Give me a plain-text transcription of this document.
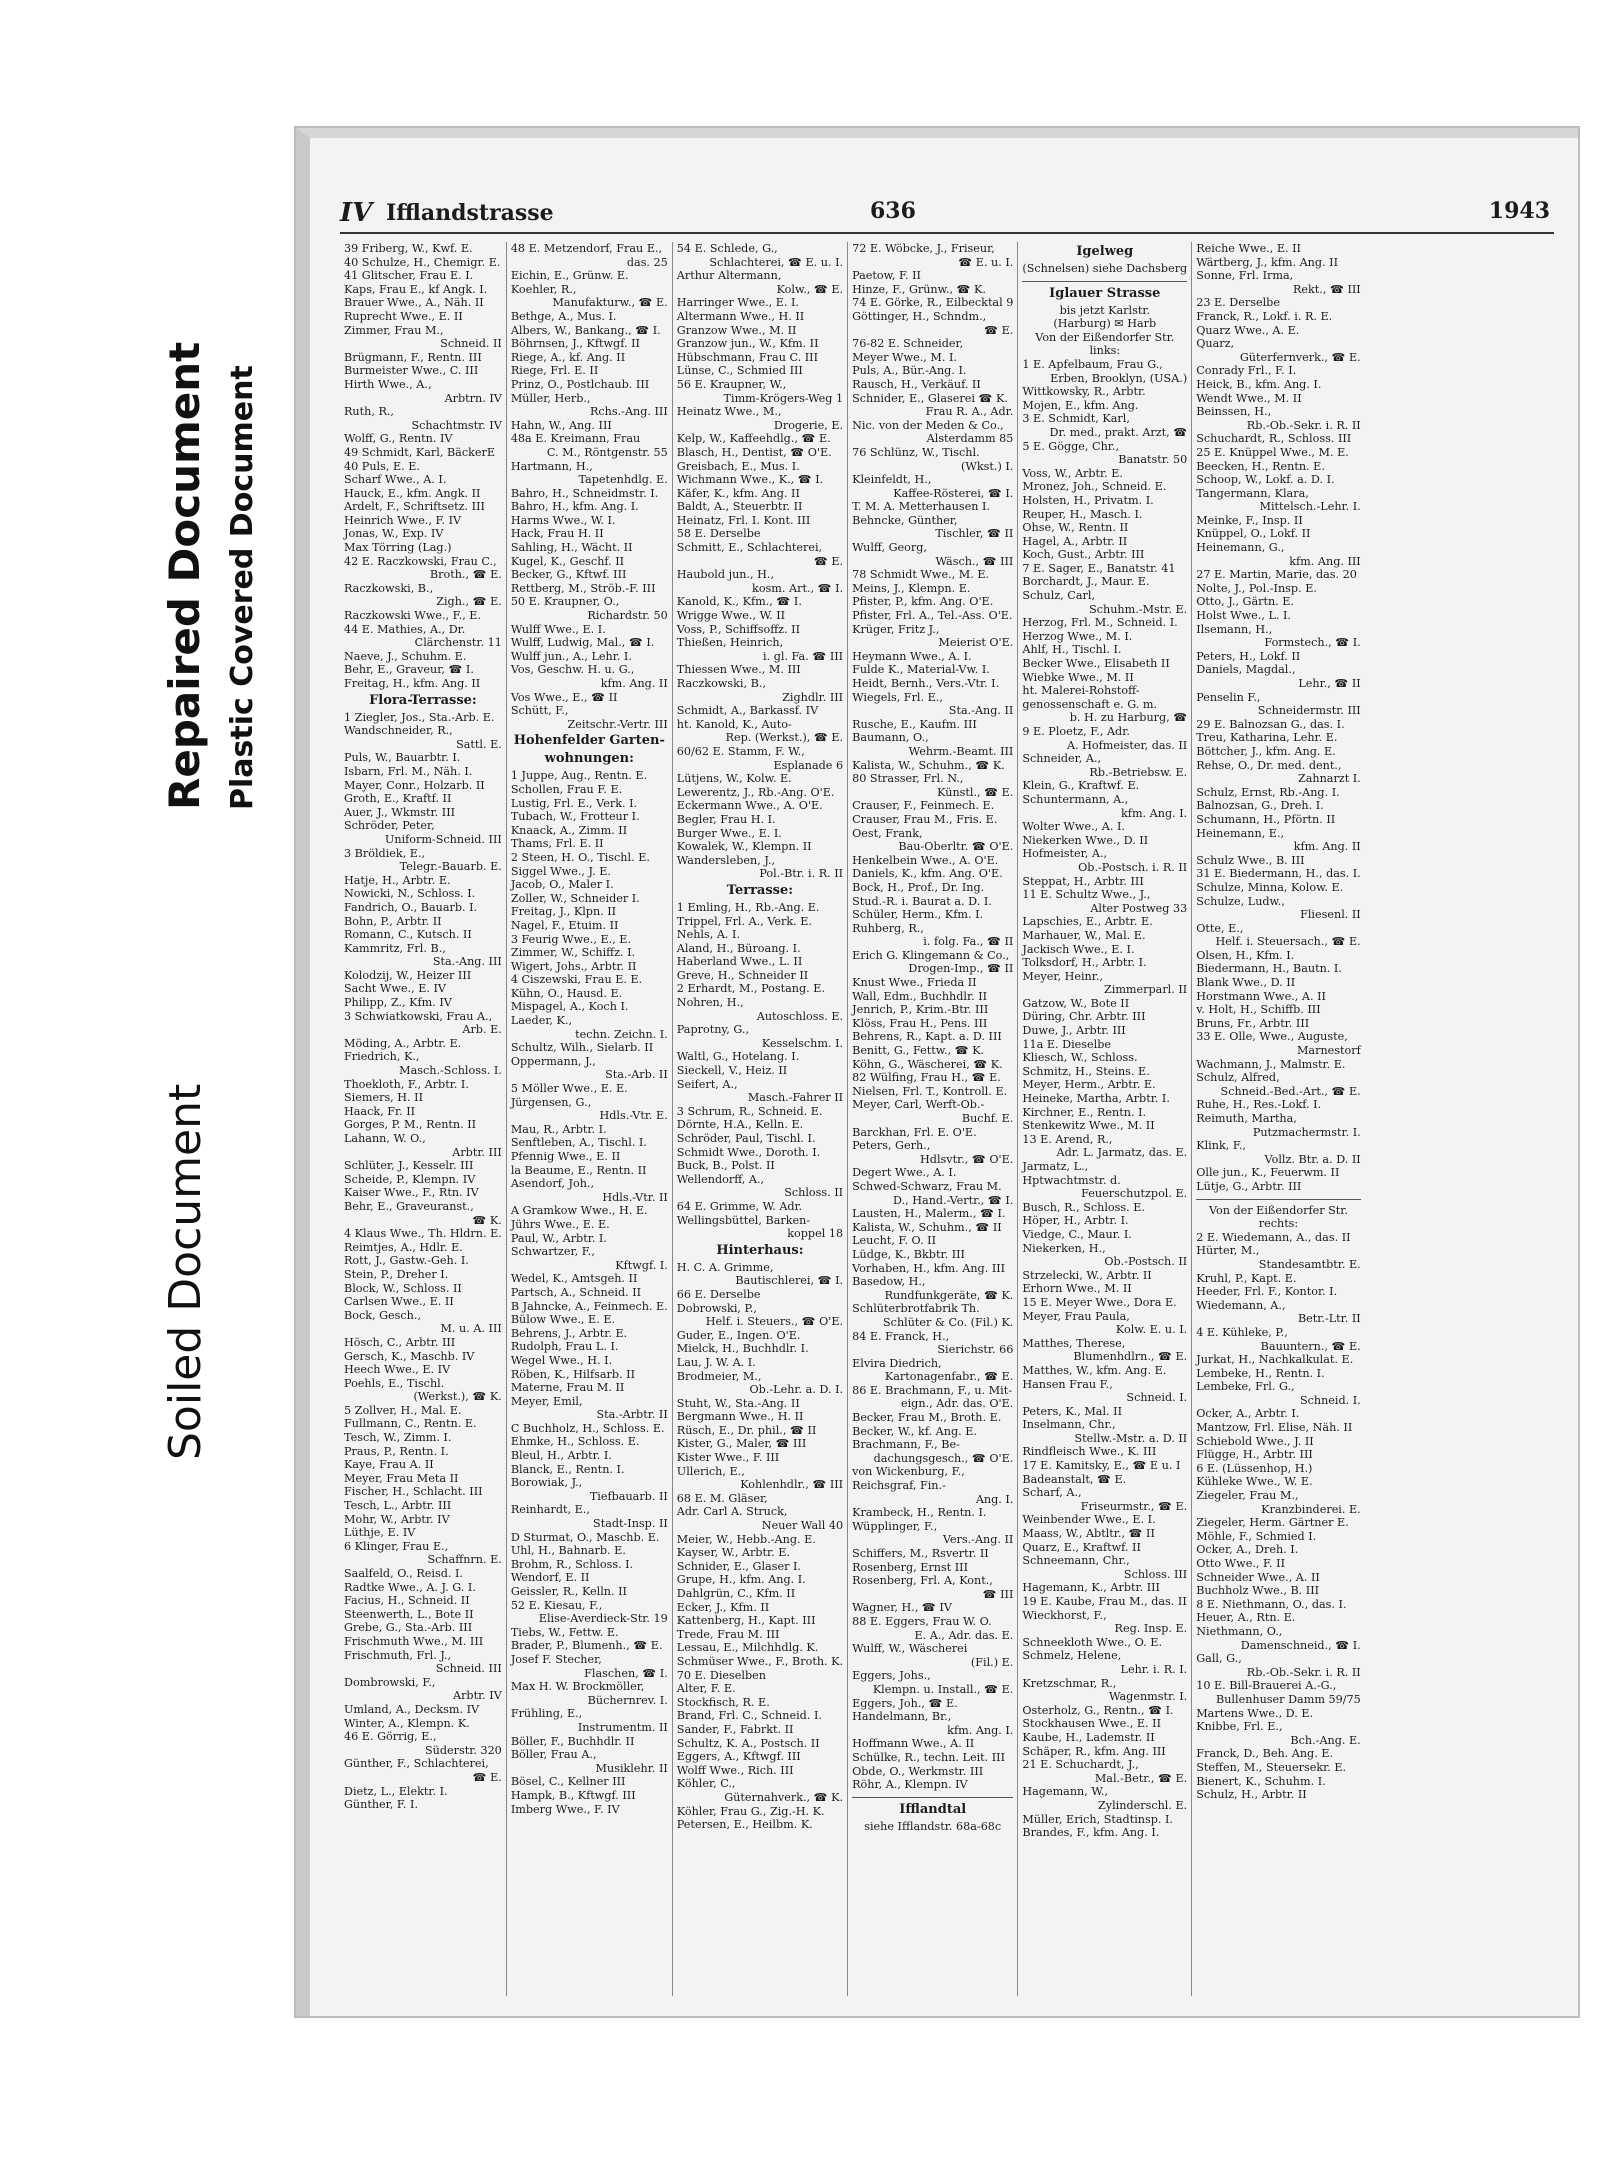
Repaired Document Plastic Covered Document
Soiled Document
IV Ifflandstrasse	636	1943
39 Friberg, W., Kwf. E.
40 Schulze, H., Chemigr. E.
41 Glitscher, Frau E. I.
Kaps, Frau E., kf Angk. I.
Brauer Wwe., A., Näh. II
Ruprecht Wwe., E. II
Zimmer, Frau M.,
Schneid. II
Brügmann, F., Rentn. III
Burmeister Wwe., C. III
Hirth Wwe., A.,
Arbtrn. IV
Ruth, R.,
Schachtmstr. IV
Wolff, G., Rentn. IV
49 Schmidt, Karl, BäckerE
40 Puls, E. E.
Scharf Wwe., A. I.
Hauck, E., kfm. Angk. II
Ardelt, F., Schriftsetz. III
Heinrich Wwe., F. IV
Jonas, W., Exp. IV
Max Törring (Lag.)
42 E. Raczkowski, Frau C.,
Broth., ☎ E.
Raczkowski, B.,
Zigh., ☎ E.
Raczkowski Wwe., F., E.
44 E. Mathies, A., Dr.
Clärchenstr. 11
Naeve, J., Schuhm. E.
Behr, E., Graveur, ☎ I.
Freitag, H., kfm. Ang. II
Flora-Terrasse:
1 Ziegler, Jos., Sta.-Arb. E.
Wandschneider, R.,
Sattl. E.
Puls, W., Bauarbtr. I.
Isbarn, Frl. M., Näh. I.
Mayer, Conr., Holzarb. II
Groth, E., Kraftf. II
Auer, J., Wkmstr. III
Schröder, Peter,
Uniform-Schneid. III
3 Bröldiek, E.,
Telegr.-Bauarb. E.
Hatje, H., Arbtr. E.
Nowicki, N., Schloss. I.
Fandrich, O., Bauarb. I.
Bohn, P., Arbtr. II
Romann, C., Kutsch. II
Kammritz, Frl. B.,
Sta.-Ang. III
Kolodzij, W., Heizer III
Sacht Wwe., E. IV
Philipp, Z., Kfm. IV
3 Schwiatkowski, Frau A.,
Arb. E.
Möding, A., Arbtr. E.
Friedrich, K.,
Masch.-Schloss. I.
Thoekloth, F., Arbtr. I.
Siemers, H. II
Haack, Fr. II
Gorges, P. M., Rentn. II
Lahann, W. O.,
Arbtr. III
Schlüter, J., Kesselr. III
Scheide, P., Klempn. IV
Kaiser Wwe., F., Rtn. IV
Behr, E., Graveuranst.,
☎ K.
4 Klaus Wwe., Th. Hldrn. E.
Reimtjes, A., Hdlr. E.
Rott, J., Gastw.-Geh. I.
Stein, P., Dreher I.
Block, W., Schloss. II
Carlsen Wwe., E. II
Bock, Gesch.,
M. u. A. III
Hösch, C., Arbtr. III
Gersch, K., Maschb. IV
Heech Wwe., E. IV
Poehls, E., Tischl.
(Werkst.), ☎ K.
5 Zollver, H., Mal. E.
Fullmann, C., Rentn. E.
Tesch, W., Zimm. I.
Praus, P., Rentn. I.
Kaye, Frau A. II
Meyer, Frau Meta II
Fischer, H., Schlacht. III
Tesch, L., Arbtr. III
Mohr, W., Arbtr. IV
Lüthje, E. IV
6 Klinger, Frau E.,
Schaffnrn. E.
Saalfeld, O., Reisd. I.
Radtke Wwe., A. J. G. I.
Facius, H., Schneid. II
Steenwerth, L., Bote II
Grebe, G., Sta.-Arb. III
Frischmuth Wwe., M. III
Frischmuth, Frl. J.,
Schneid. III
Dombrowski, F.,
Arbtr. IV
Umland, A., Decksm. IV
Winter, A., Klempn. K.
46 E. Görrig, E.,
Süderstr. 320
Günther, F., Schlachterei,
☎ E.
Dietz, L., Elektr. I.
Günther, F. I.
48 E. Metzendorf, Frau E.,
das. 25
Eichin, E., Grünw. E.
Koehler, R.,
Manufakturw., ☎ E.
Bethge, A., Mus. I.
Albers, W., Bankang., ☎ I.
Böhrnsen, J., Kftwgf. II
Riege, A., kf. Ang. II
Riege, Frl. E. II
Prinz, O., Postlchaub. III
Müller, Herb.,
Rchs.-Ang. III
Hahn, W., Ang. III
48a E. Kreimann, Frau
C. M., Röntgenstr. 55
Hartmann, H.,
Tapetenhdlg. E.
Bahro, H., Schneidmstr. I.
Bahro, H., kfm. Ang. I.
Harms Wwe., W. I.
Hack, Frau H. II
Sahling, H., Wächt. II
Kugel, K., Geschf. II
Becker, G., Kftwf. III
Rettberg, M., Ströb.-F. III
50 E. Kraupner, O.,
Richardstr. 50
Wulff Wwe., E. I.
Wulff, Ludwig, Mal., ☎ I.
Wulff jun., A., Lehr. I.
Vos, Geschw. H. u. G.,
kfm. Ang. II
Vos Wwe., E., ☎ II
Schütt, F.,
Zeitschr.-Vertr. III
Hohenfelder Garten-
wohnungen:
1 Juppe, Aug., Rentn. E.
Schollen, Frau F. E.
Lustig, Frl. E., Verk. I.
Tubach, W., Frotteur I.
Knaack, A., Zimm. II
Thams, Frl. E. II
2 Steen, H. O., Tischl. E.
Siggel Wwe., J. E.
Jacob, O., Maler I.
Zoller, W., Schneider I.
Freitag, J., Klpn. II
Nagel, F., Etuim. II
3 Feurig Wwe., E., E.
Zimmer, W., Schiffz. I.
Wigert, Johs., Arbtr. II
4 Ciszewski, Frau E. E.
Kühn, O., Hausd. E.
Mispagel, A., Koch I.
Laeder, K.,
techn. Zeichn. I.
Schultz, Wilh., Sielarb. II
Oppermann, J.,
Sta.-Arb. II
5 Möller Wwe., E. E.
Jürgensen, G.,
Hdls.-Vtr. E.
Mau, R., Arbtr. I.
Senftleben, A., Tischl. I.
Pfennig Wwe., E. II
la Beaume, E., Rentn. II
Asendorf, Joh.,
Hdls.-Vtr. II
A Gramkow Wwe., H. E.
Jührs Wwe., E. E.
Paul, W., Arbtr. I.
Schwartzer, F.,
Kftwgf. I.
Wedel, K., Amtsgeh. II
Partsch, A., Schneid. II
B Jahncke, A., Feinmech. E.
Bülow Wwe., E. E.
Behrens, J., Arbtr. E.
Rudolph, Frau L. I.
Wegel Wwe., H. I.
Röben, K., Hilfsarb. II
Materne, Frau M. II
Meyer, Emil,
Sta.-Arbtr. II
C Buchholz, H., Schloss. E.
Ehmke, H., Schloss. E.
Bleul, H., Arbtr. I.
Blanck, E., Rentn. I.
Borowiak, J.,
Tiefbauarb. II
Reinhardt, E.,
Stadt-Insp. II
D Sturmat, O., Maschb. E.
Uhl, H., Bahnarb. E.
Brohm, R., Schloss. I.
Wendorf, E. II
Geissler, R., Kelln. II
52 E. Kiesau, F.,
Elise-Averdieck-Str. 19
Tiebs, W., Fettw. E.
Brader, P., Blumenh., ☎ E.
Josef F. Stecher,
Flaschen, ☎ I.
Max H. W. Brockmöller,
Büchernrev. I.
Frühling, E.,
Instrumentm. II
Böller, F., Buchhdlr. II
Böller, Frau A.,
Musiklehr. II
Bösel, C., Kellner III
Hampk, B., Kftwgf. III
Imberg Wwe., F. IV
54 E. Schlede, G.,
Schlachterei, ☎ E. u. I.
Arthur Altermann,
Kolw., ☎ E.
Harringer Wwe., E. I.
Altermann Wwe., H. II
Granzow Wwe., M. II
Granzow jun., W., Kfm. II
Hübschmann, Frau C. III
Lünse, C., Schmied III
56 E. Kraupner, W.,
Timm-Krögers-Weg 1
Heinatz Wwe., M.,
Drogerie, E.
Kelp, W., Kaffeehdlg., ☎ E.
Blasch, H., Dentist, ☎ O'E.
Greisbach, E., Mus. I.
Wichmann Wwe., K., ☎ I.
Käfer, K., kfm. Ang. II
Baldt, A., Steuerbtr. II
Heinatz, Frl. I. Kont. III
58 E. Derselbe
Schmitt, E., Schlachterei,
☎ E.
Haubold jun., H.,
kosm. Art., ☎ I.
Kanold, K., Kfm., ☎ I.
Wrigge Wwe., W. II
Voss, P., Schiffsoffz. II
Thießen, Heinrich,
i. gl. Fa. ☎ III
Thiessen Wwe., M. III
Raczkowski, B.,
Zighdlr. III
Schmidt, A., Barkassf. IV
ht. Kanold, K., Auto-
Rep. (Werkst.), ☎ E.
60/62 E. Stamm, F. W.,
Esplanade 6
Lütjens, W., Kolw. E.
Lewerentz, J., Rb.-Ang. O'E.
Eckermann Wwe., A. O'E.
Begler, Frau H. I.
Burger Wwe., E. I.
Kowalek, W., Klempn. II
Wandersleben, J.,
Pol.-Btr. i. R. II
Terrasse:
1 Emling, H., Rb.-Ang. E.
Trippel, Frl. A., Verk. E.
Nehls, A. I.
Aland, H., Büroang. I.
Haberland Wwe., L. II
Greve, H., Schneider II
2 Erhardt, M., Postang. E.
Nohren, H.,
Autoschloss. E.
Paprotny, G.,
Kesselschm. I.
Waltl, G., Hotelang. I.
Sieckell, V., Heiz. II
Seifert, A.,
Masch.-Fahrer II
3 Schrum, R., Schneid. E.
Dörnte, H.A., Kelln. E.
Schröder, Paul, Tischl. I.
Schmidt Wwe., Doroth. I.
Buck, B., Polst. II
Wellendorff, A.,
Schloss. II
64 E. Grimme, W. Adr.
Wellingsbüttel, Barken-
koppel 18
Hinterhaus:
H. C. A. Grimme,
Bautischlerei, ☎ I.
66 E. Derselbe
Dobrowski, P.,
Helf. i. Steuers., ☎ O'E.
Guder, E., Ingen. O'E.
Mielck, H., Buchhdlr. I.
Lau, J. W. A. I.
Brodmeier, M.,
Ob.-Lehr. a. D. I.
Stuht, W., Sta.-Ang. II
Bergmann Wwe., H. II
Rüsch, E., Dr. phil., ☎ II
Kister, G., Maler, ☎ III
Kister Wwe., F. III
Ullerich, E.,
Kohlenhdlr., ☎ III
68 E. M. Gläser,
Adr. Carl A. Struck,
Neuer Wall 40
Meier, W., Hebb.-Ang. E.
Kayser, W., Arbtr. E.
Schnider, E., Glaser I.
Grupe, H., kfm. Ang. I.
Dahlgrün, C., Kfm. II
Ecker, J., Kfm. II
Kattenberg, H., Kapt. III
Trede, Frau M. III
Lessau, E., Milchhdlg. K.
Schmüser Wwe., F., Broth. K.
70 E. Dieselben
Alter, F. E.
Stockfisch, R. E.
Brand, Frl. C., Schneid. I.
Sander, F., Fabrkt. II
Schultz, K. A., Postsch. II
Eggers, A., Kftwgf. III
Wolff Wwe., Rich. III
Köhler, C.,
Güternahverk., ☎ K.
Köhler, Frau G., Zig.-H. K.
Petersen, E., Heilbm. K.
72 E. Wöbcke, J., Friseur,
☎ E. u. I.
Paetow, F. II
Hinze, F., Grünw., ☎ K.
74 E. Görke, R., Eilbecktal 9
Göttinger, H., Schndm.,
☎ E.
76-82 E. Schneider,
Meyer Wwe., M. I.
Puls, A., Bür.-Ang. I.
Rausch, H., Verkäuf. II
Schnider, E., Glaserei ☎ K.
Frau R. A., Adr.
Nic. von der Meden & Co.,
Alsterdamm 85
76 Schlünz, W., Tischl.
(Wkst.) I.
Kleinfeldt, H.,
Kaffee-Rösterei, ☎ I.
T. M. A. Metterhausen I.
Behncke, Günther,
Tischler, ☎ II
Wulff, Georg,
Wäsch., ☎ III
78 Schmidt Wwe., M. E.
Meins, J., Klempn. E.
Pfister, P., kfm. Ang. O'E.
Pfister, Frl. A., Tel.-Ass. O'E.
Krüger, Fritz J.,
Meierist O'E.
Heymann Wwe., A. I.
Fulde K., Material-Vw. I.
Heidt, Bernh., Vers.-Vtr. I.
Wiegels, Frl. E.,
Sta.-Ang. II
Rusche, E., Kaufm. III
Baumann, O.,
Wehrm.-Beamt. III
Kalista, W., Schuhm., ☎ K.
80 Strasser, Frl. N.,
Künstl., ☎ E.
Crauser, F., Feinmech. E.
Crauser, Frau M., Fris. E.
Oest, Frank,
Bau-Oberltr. ☎ O'E.
Henkelbein Wwe., A. O'E.
Daniels, K., kfm. Ang. O'E.
Bock, H., Prof., Dr. Ing.
Stud.-R. i. Baurat a. D. I.
Schüler, Herm., Kfm. I.
Ruhberg, R.,
i. folg. Fa., ☎ II
Erich G. Klingemann & Co.,
Drogen-Imp., ☎ II
Knust Wwe., Frieda II
Wall, Edm., Buchhdlr. II
Jenrich, P., Krim.-Btr. III
Klöss, Frau H., Pens. III
Behrens, R., Kapt. a. D. III
Benitt, G., Fettw., ☎ K.
Köhn, G., Wäscherei, ☎ K.
82 Wülfing, Frau H., ☎ E.
Nielsen, Frl. T., Kontroll. E.
Meyer, Carl, Werft-Ob.-
Buchf. E.
Barckhan, Frl. E. O'E.
Peters, Gerh.,
Hdlsvtr., ☎ O'E.
Degert Wwe., A. I.
Schwed-Schwarz, Frau M.
D., Hand.-Vertr., ☎ I.
Lausten, H., Malerm., ☎ I.
Kalista, W., Schuhm., ☎ II
Leucht, F. O. II
Lüdge, K., Bkbtr. III
Vorhaben, H., kfm. Ang. III
Basedow, H.,
Rundfunkgeräte, ☎ K.
Schlüterbrotfabrik Th.
Schlüter & Co. (Fil.) K.
84 E. Franck, H.,
Sierichstr. 66
Elvira Diedrich,
Kartonagenfabr., ☎ E.
86 E. Brachmann, F., u. Mit-
eign., Adr. das. O'E.
Becker, Frau M., Broth. E.
Becker, W., kf. Ang. E.
Brachmann, F., Be-
dachungsgesch., ☎ O'E.
von Wickenburg, F.,
Reichsgraf, Fin.-
Ang. I.
Krambeck, H., Rentn. I.
Wüpplinger, F.,
Vers.-Ang. II
Schiffers, M., Rsvertr. II
Rosenberg, Ernst III
Rosenberg, Frl. A, Kont.,
☎ III
Wagner, H., ☎ IV
88 E. Eggers, Frau W. O.
E. A., Adr. das. E.
Wulff, W., Wäscherei
(Fil.) E.
Eggers, Johs.,
Klempn. u. Install., ☎ E.
Eggers, Joh., ☎ E.
Handelmann, Br.,
kfm. Ang. I.
Hoffmann Wwe., A. II
Schülke, R., techn. Leit. III
Obde, O., Werkmstr. III
Röhr, A., Klempn. IV
Ifflandtal
siehe Ifflandstr. 68a-68c
Igelweg
(Schnelsen) siehe Dachsberg
Iglauer Strasse
bis jetzt Karlstr.
(Harburg) ✉ Harb
Von der Eißendorfer Str.
links:
1 E. Apfelbaum, Frau G.,
Erben, Brooklyn, (USA.)
Wittkowsky, R., Arbtr.
Mojen, E., kfm. Ang.
3 E. Schmidt, Karl,
Dr. med., prakt. Arzt, ☎
5 E. Gögge, Chr.,
Banatstr. 50
Voss, W., Arbtr. E.
Mronez, Joh., Schneid. E.
Holsten, H., Privatm. I.
Reuper, H., Masch. I.
Ohse, W., Rentn. II
Hagel, A., Arbtr. II
Koch, Gust., Arbtr. III
7 E. Sager, E., Banatstr. 41
Borchardt, J., Maur. E.
Schulz, Carl,
Schuhm.-Mstr. E.
Herzog, Frl. M., Schneid. I.
Herzog Wwe., M. I.
Ahlf, H., Tischl. I.
Becker Wwe., Elisabeth II
Wiebke Wwe., M. II
ht. Malerei-Rohstoff-
genossenschaft e. G. m.
b. H. zu Harburg, ☎
9 E. Ploetz, F., Adr.
A. Hofmeister, das. II
Schneider, A.,
Rb.-Betriebsw. E.
Klein, G., Kraftwf. E.
Schuntermann, A.,
kfm. Ang. I.
Wolter Wwe., A. I.
Niekerken Wwe., D. II
Hofmeister, A.,
Ob.-Postsch. i. R. II
Steppat, H., Arbtr. III
11 E. Schultz Wwe., J.,
Alter Postweg 33
Lapschies, E., Arbtr. E.
Marhauer, W., Mal. E.
Jackisch Wwe., E. I.
Tolksdorf, H., Arbtr. I.
Meyer, Heinr.,
Zimmerparl. II
Gatzow, W., Bote II
Düring, Chr. Arbtr. III
Duwe, J., Arbtr. III
11a E. Dieselbe
Kliesch, W., Schloss.
Schmitz, H., Steins. E.
Meyer, Herm., Arbtr. E.
Heineke, Martha, Arbtr. I.
Kirchner, E., Rentn. I.
Stenkewitz Wwe., M. II
13 E. Arend, R.,
Adr. L. Jarmatz, das. E.
Jarmatz, L.,
Hptwachtmstr. d.
Feuerschutzpol. E.
Busch, R., Schloss. E.
Höper, H., Arbtr. I.
Viedge, C., Maur. I.
Niekerken, H.,
Ob.-Postsch. II
Strzelecki, W., Arbtr. II
Erhorn Wwe., M. II
15 E. Meyer Wwe., Dora E.
Meyer, Frau Paula,
Kolw. E. u. I.
Matthes, Therese,
Blumenhdlrn., ☎ E.
Matthes, W., kfm. Ang. E.
Hansen Frau F.,
Schneid. I.
Peters, K., Mal. II
Inselmann, Chr.,
Stellw.-Mstr. a. D. II
Rindfleisch Wwe., K. III
17 E. Kamitsky, E., ☎ E u. I
Badeanstalt, ☎ E.
Scharf, A.,
Friseurmstr., ☎ E.
Weinbender Wwe., E. I.
Maass, W., Abtltr., ☎ II
Quarz, E., Kraftwf. II
Schneemann, Chr.,
Schloss. III
Hagemann, K., Arbtr. III
19 E. Kaube, Frau M., das. II
Wieckhorst, F.,
Reg. Insp. E.
Schneekloth Wwe., O. E.
Schmelz, Helene,
Lehr. i. R. I.
Kretzschmar, R.,
Wagenmstr. I.
Osterholz, G., Rentn., ☎ I.
Stockhausen Wwe., E. II
Kaube, H., Lademstr. II
Schäper, R., kfm. Ang. III
21 E. Schuchardt, J.,
Mal.-Betr., ☎ E.
Hagemann, W.,
Zylinderschl. E.
Müller, Erich, Stadtinsp. I.
Brandes, F., kfm. Ang. I.
Reiche Wwe., E. II
Wärtberg, J., kfm. Ang. II
Sonne, Frl. Irma,
Rekt., ☎ III
23 E. Derselbe
Franck, R., Lokf. i. R. E.
Quarz Wwe., A. E.
Quarz,
Güterfernverk., ☎ E.
Conrady Frl., F. I.
Heick, B., kfm. Ang. I.
Wendt Wwe., M. II
Beinssen, H.,
Rb.-Ob.-Sekr. i. R. II
Schuchardt, R., Schloss. III
25 E. Knüppel Wwe., M. E.
Beecken, H., Rentn. E.
Schoop, W., Lokf. a. D. I.
Tangermann, Klara,
Mittelsch.-Lehr. I.
Meinke, F., Insp. II
Knüppel, O., Lokf. II
Heinemann, G.,
kfm. Ang. III
27 E. Martin, Marie, das. 20
Nolte, J., Pol.-Insp. E.
Otto, J., Gärtn. E.
Holst Wwe., L. I.
Ilsemann, H.,
Formstech., ☎ I.
Peters, H., Lokf. II
Daniels, Magdal.,
Lehr., ☎ II
Penselin F.,
Schneidermstr. III
29 E. Balnozsan G., das. I.
Treu, Katharina, Lehr. E.
Böttcher, J., kfm. Ang. E.
Rehse, O., Dr. med. dent.,
Zahnarzt I.
Schulz, Ernst, Rb.-Ang. I.
Balnozsan, G., Dreh. I.
Schumann, H., Pförtn. II
Heinemann, E.,
kfm. Ang. II
Schulz Wwe., B. III
31 E. Biedermann, H., das. I.
Schulze, Minna, Kolow. E.
Schulze, Ludw.,
Fliesenl. II
Otte, E.,
Helf. i. Steuersach., ☎ E.
Olsen, H., Kfm. I.
Biedermann, H., Bautn. I.
Blank Wwe., D. II
Horstmann Wwe., A. II
v. Holt, H., Schiffb. III
Bruns, Fr., Arbtr. III
33 E. Olle, Wwe., Auguste,
Marnestorf
Wachmann, J., Malmstr. E.
Schulz, Alfred,
Schneid.-Bed.-Art., ☎ E.
Ruhe, H., Res.-Lokf. I.
Reimuth, Martha,
Putzmachermstr. I.
Klink, F.,
Vollz. Btr. a. D. II
Olle jun., K., Feuerwm. II
Lütje, G., Arbtr. III
Von der Eißendorfer Str.
rechts:
2 E. Wiedemann, A., das. II
Hürter, M.,
Standesamtbtr. E.
Kruhl, P., Kapt. E.
Heeder, Frl. F., Kontor. I.
Wiedemann, A.,
Betr.-Ltr. II
4 E. Kühleke, P.,
Bauuntern., ☎ E.
Jurkat, H., Nachkalkulat. E.
Lembeke, H., Rentn. I.
Lembeke, Frl. G.,
Schneid. I.
Ocker, A., Arbtr. I.
Mantzow, Frl. Elise, Näh. II
Schiebold Wwe., J. II
Flügge, H., Arbtr. III
6 E. (Lüssenhop, H.)
Kühleke Wwe., W. E.
Ziegeler, Frau M.,
Kranzbinderei. E.
Ziegeler, Herm. Gärtner E.
Möhle, F., Schmied I.
Ocker, A., Dreh. I.
Otto Wwe., F. II
Schneider Wwe., A. II
Buchholz Wwe., B. III
8 E. Niethmann, O., das. I.
Heuer, A., Rtn. E.
Niethmann, O.,
Damenschneid., ☎ I.
Gall, G.,
Rb.-Ob.-Sekr. i. R. II
10 E. Bill-Brauerei A.-G.,
Bullenhuser Damm 59/75
Martens Wwe., D. E.
Knibbe, Frl. E.,
Bch.-Ang. E.
Franck, D., Beh. Ang. E.
Steffen, M., Steuersekr. E.
Bienert, K., Schuhm. I.
Schulz, H., Arbtr. II
